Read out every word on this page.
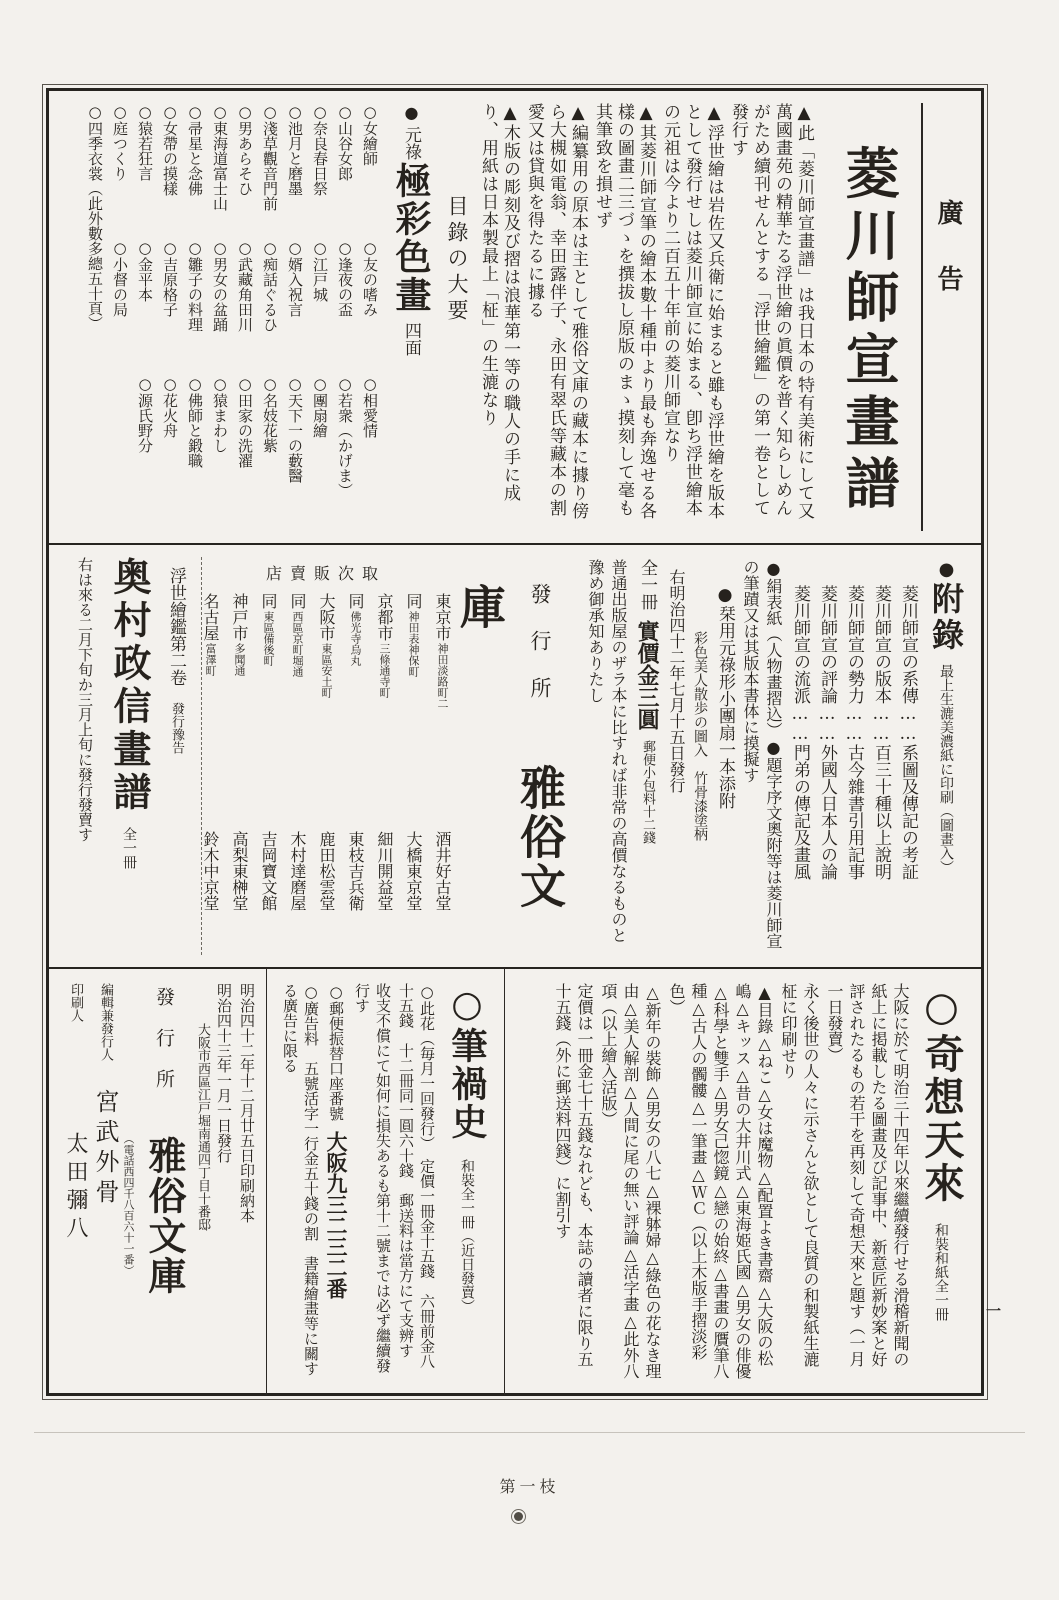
廣告
菱川師宣畫譜

▲此「菱川師宣畫譜」は我日本の特有美術にして又萬國畫苑の精華たる浮世繪の眞價を普く知らしめんがため續刊せんとする「浮世繪鑑」の第一卷として發行す

▲浮世繪は岩佐又兵衛に始まると雖も浮世繪を版本として發行せしは菱川師宣に始まる、卽ち浮世繪本の元祖は今より二百五十年前の菱川師宣なり

▲其菱川師宣筆の繪本數十種中より最も奔逸せる各樣の圖畫二三づゝを撰拔し原版のまゝ摸刻して毫も其筆致を損せず

▲編纂用の原本は主として雅俗文庫の藏本に據り傍ら大槻如電翁、幸田露伴子、永田有翠氏等藏本の割愛又は貸與を得たるに據る

▲木版の彫刻及び摺は浪華第一等の職人の手に成り、用紙は日本製最上「柾」の生漉なり

目錄の大要
●元祿極彩色畫四面
○女繪師○友の嗜み○相愛情○山谷女郎○逢夜の盃○若衆（かげま）○奈良春日祭○江戸城○團扇繪○池月と磨墨○婿入祝言○天下一の藪醫○淺草觀音門前○痴話ぐるひ○名妓花紫○男あらそひ○武藏角田川○田家の洗濯○東海道富士山○男女の盆踊○猿まわし○帚星と念佛○雛子の料理○佛師と鍛職○女帶の摸樣○吉原格子○花火舟○猿若狂言○金平本○源氏野分○庭つくり○小督の局○四季衣裳（此外數多總五十頁）
●附錄最上生漉美濃紙に印刷（圖畫入）

菱川師宣の系傳……系圖及傳記の考証

菱川師宣の版本……百三十種以上說明

菱川師宣の勢力……古今雜書引用記事

菱川師宣の評論……外國人日本人の論

菱川師宣の流派……門弟の傳記及畫風

●絹表紙（人物畫摺込）●題字序文奧附等は菱川師宣の筆蹟又は其版本書体に摸擬す

●栞用元祿形小團扇一本添附

彩色美人散歩の圖入　竹骨漆塗柄

右明治四十二年七月十五日發行

全一冊實價金三圓郵便小包料十二錢

普通出版屋のザラ本に比すれば非常の高價なるものと豫め御承知ありたし

發行所雅俗文庫
店賣販次取
東京市神田淡路町二酒井好古堂
同神田表神保町大橋東京堂
京都市三條通寺町細川開益堂
同佛光寺烏丸東枝吉兵衛
大阪市東區安土町鹿田松雲堂
同西區京町堀通木村達磨屋
同東區備後町吉岡寶文館
神戸市多聞通高梨東榊堂
名古屋富澤町鈴木中京堂
浮世繪鑑第二卷發行豫告
奥村政信畫譜全一冊

右は來る二月下旬か三月上旬に發行發賣す

○奇想天來和裝和紙全一冊

大阪に於て明治三十四年以來繼續發行せる滑稽新聞の紙上に掲載したる圖畫及び記事中、新意匠新妙案と好評されたるもの若干を再刻して奇想天來と題す（一月一日發賣）

永く後世の人々に示さんと欲として良質の和製紙生漉柾に印刷せり

▲目錄△ねこ△女は魔物△配置よき書齋△大阪の松嶋△キッス△昔の大井川式△東海姫氏國△男女の俳優△科學と雙手△男女己惚鏡△戀の始終△書畫の贋筆八種△古人の髑髏△一筆畫△ＷＣ（以上木版手摺淡彩色）

△新年の裝飾△男女の八七△裸躰婦△綠色の花なき理由△美人解剖△人間に尾の無い評論△活字畫△此外八項（以上繪入活版）

定價は一冊金七十五錢なれども、本誌の讀者に限り五十五錢（外に郵送料四錢）に割引す

○筆禍史和裝全一冊（近日發賣）

○此花（毎月一回發行）　定價一冊金十五錢　六冊前金八十五錢　十二冊同一圓六十錢　郵送料は當方にて支辨す

收支不償にて如何に損失あるも第十二號までは必ず繼續發行す

○郵便振替口座番號大阪九三二三二番

○廣告料　五號活字一行金五十錢の割　書籍繪畫等に關する廣告に限る

明治四十二年十二月廿五日印刷納本

明治四十三年一月一日發行

大阪市西區江戸堀南通四丁目十番邸

發行所雅俗文庫

（電話西四千八百六十一番）

編輯兼發行人宮武外骨
印刷人太田彌八
一
第一枝
